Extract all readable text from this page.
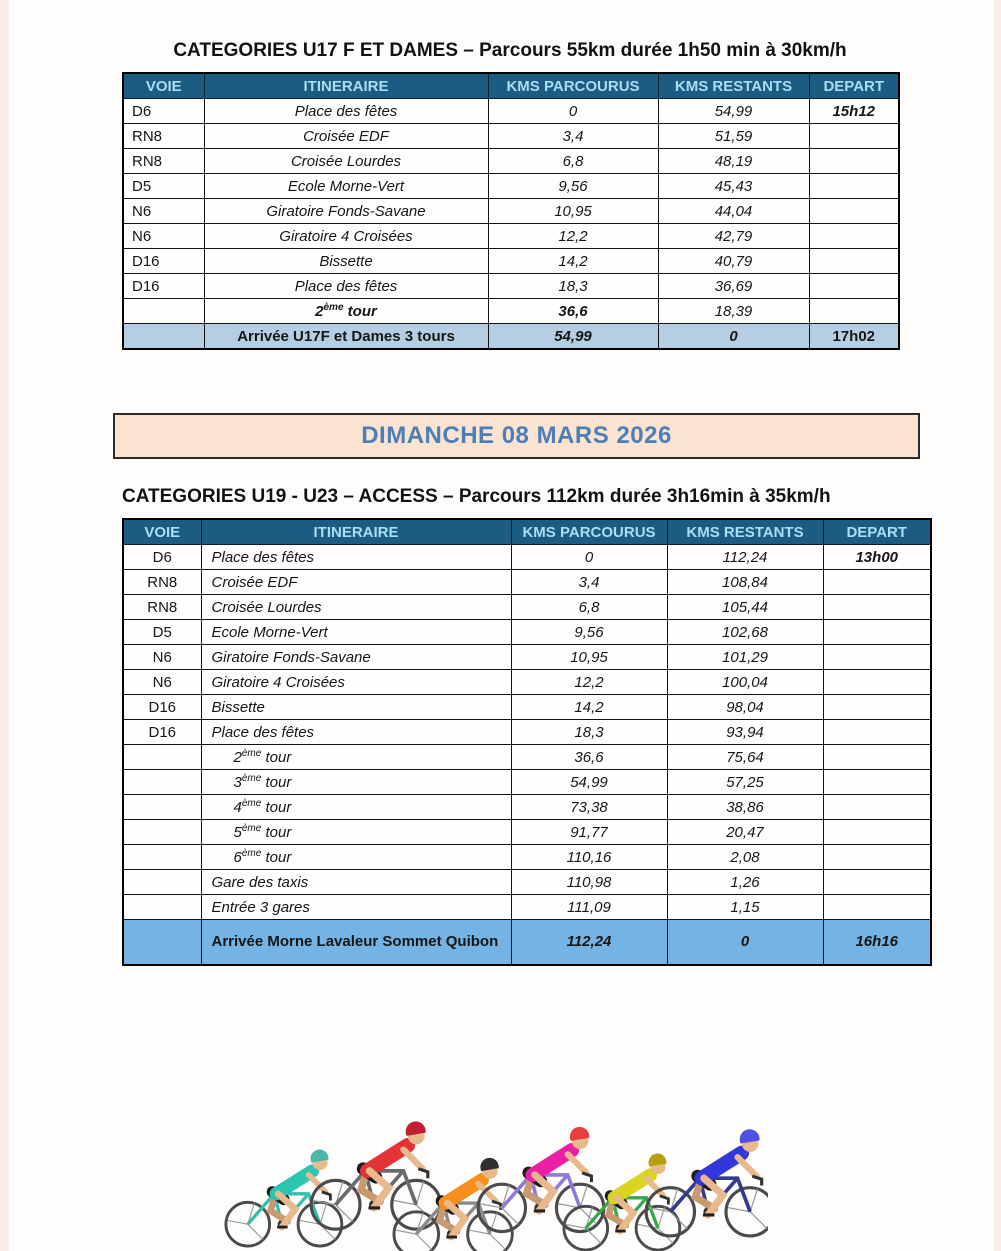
CATEGORIES U17 F ET DAMES – Parcours 55km durée 1h50 min à 30km/h
VOIE	ITINERAIRE	KMS PARCOURUS	KMS RESTANTS	DEPART
D6	Place des fêtes	0	54,99	15h12
RN8	Croisée EDF	3,4	51,59	
RN8	Croisée Lourdes	6,8	48,19	
D5	Ecole Morne-Vert	9,56	45,43	
N6	Giratoire Fonds-Savane	10,95	44,04	
N6	Giratoire 4 Croisées	12,2	42,79	
D16	Bissette	14,2	40,79	
D16	Place des fêtes	18,3	36,69	
	2ème tour	36,6	18,39	
	Arrivée U17F et Dames 3 tours	54,99	0	17h02
DIMANCHE 08 MARS 2026
CATEGORIES U19 - U23 – ACCESS – Parcours 112km durée 3h16min à 35km/h
VOIE	ITINERAIRE	KMS PARCOURUS	KMS RESTANTS	DEPART
D6	Place des fêtes	0	112,24	13h00
RN8	Croisée EDF	3,4	108,84	
RN8	Croisée Lourdes	6,8	105,44	
D5	Ecole Morne-Vert	9,56	102,68	
N6	Giratoire Fonds-Savane	10,95	101,29	
N6	Giratoire 4 Croisées	12,2	100,04	
D16	Bissette	14,2	98,04	
D16	Place des fêtes	18,3	93,94	
	2ème tour	36,6	75,64	
	3ème tour	54,99	57,25	
	4ème tour	73,38	38,86	
	5ème tour	91,77	20,47	
	6ème tour	110,16	2,08	
	Gare des taxis	110,98	1,26	
	Entrée 3 gares	111,09	1,15	
	Arrivée Morne Lavaleur Sommet Quibon	112,24	0	16h16
